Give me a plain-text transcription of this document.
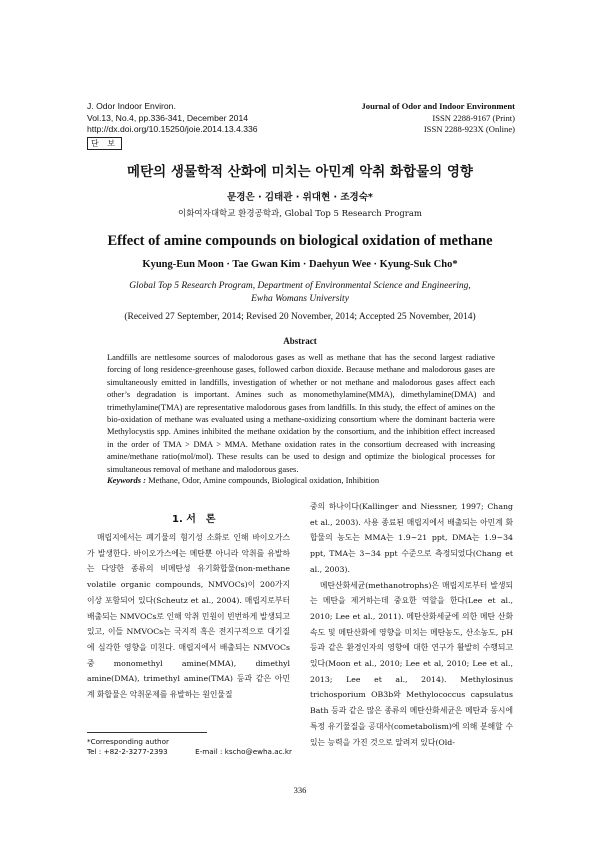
J. Odor Indoor Environ.
Vol.13, No.4, pp.336-341, December 2014
http://dx.doi.org/10.15250/joie.2014.13.4.336
단 보
Journal of Odor and Indoor Environment
ISSN 2288-9167 (Print)
ISSN 2288-923X (Online)
메탄의 생물학적 산화에 미치는 아민계 악취 화합물의 영향
문경은 · 김태관 · 위대현 · 조경숙*
이화여자대학교 환경공학과, Global Top 5 Research Program
Effect of amine compounds on biological oxidation of methane
Kyung-Eun Moon · Tae Gwan Kim · Daehyun Wee · Kyung-Suk Cho*
Global Top 5 Research Program, Department of Environmental Science and Engineering,
Ewha Womans University
(Received 27 September, 2014; Revised 20 November, 2014; Accepted 25 November, 2014)
Abstract
Landfills are nettlesome sources of malodorous gases as well as methane that has the second largest radiative forcing of long residence-greenhouse gases, followed carbon dioxide. Because methane and malodorous gases are simultaneously emitted in landfills, investigation of whether or not methane and malodorous gases affect each other’s degradation is important. Amines such as monomethylamine(MMA), dimethylamine(DMA) and trimethylamine(TMA) are representative malodorous gases from landfills. In this study, the effect of amines on the bio-oxidation of methane was evaluated using a methane-oxidizing consortium where the dominant bacteria were Methylocystis spp. Amines inhibited the methane oxidation by the consortium, and the inhibition effect increased in the order of TMA > DMA > MMA. Methane oxidation rates in the consortium decreased with increasing amine/methane ratio(mol/mol). These results can be used to design and optimize the biological processes for simultaneous removal of methane and malodorous gases.
Keywords : Methane, Odor, Amine compounds, Biological oxidation, Inhibition
1. 서　론

매립지에서는 폐기물의 혐기성 소화로 인해 바이오가스가 발생한다. 바이오가스에는 메탄뿐 아니라 악취를 유발하는 다양한 종류의 비메탄성 유기화합물(non-methane volatile organic compounds, NMVOCs)이 200가지 이상 포함되어 있다(Scheutz et al., 2004). 매립지로부터 배출되는 NMVOCs로 인해 악취 민원이 빈번하게 발생되고 있고, 이들 NMVOCs는 국지적 혹은 전지구적으로 대기질에 심각한 영향을 미친다. 매립지에서 배출되는 NMVOCs 중 monomethyl amine(MMA), dimethyl amine(DMA), trimethyl amine(TMA) 등과 같은 아민계 화합물은 악취문제를 유발하는 원인물질

중의 하나이다(Kallinger and Niessner, 1997; Chang et al., 2003). 사용 종료된 매립지에서 배출되는 아민계 화합물의 농도는 MMA는 1.9~21 ppt, DMA는 1.9~34 ppt, TMA는 3~34 ppt 수준으로 측정되었다(Chang et al., 2003).

메탄산화세균(methanotrophs)은 매립지로부터 발생되는 메탄을 제거하는데 중요한 역할을 한다(Lee et al., 2010; Lee et al., 2011). 메탄산화세균에 의한 메탄 산화속도 및 메탄산화에 영향을 미치는 메탄농도, 산소농도, pH 등과 같은 환경인자의 영향에 대한 연구가 활발히 수행되고 있다(Moon et al., 2010; Lee et al, 2010; Lee et al., 2013; Lee et al., 2014). Methylosinus trichosporium OB3b와 Methylococcus capsulatus Bath 등과 같은 많은 종류의 메탄산화세균은 메탄과 동시에 특정 유기물질을 공대사(cometabolism)에 의해 분해할 수 있는 능력을 가진 것으로 알려져 있다(Old-

*Corresponding author
Tel : +82-2-3277-2393	E-mail : kscho@ewha.ac.kr
336
